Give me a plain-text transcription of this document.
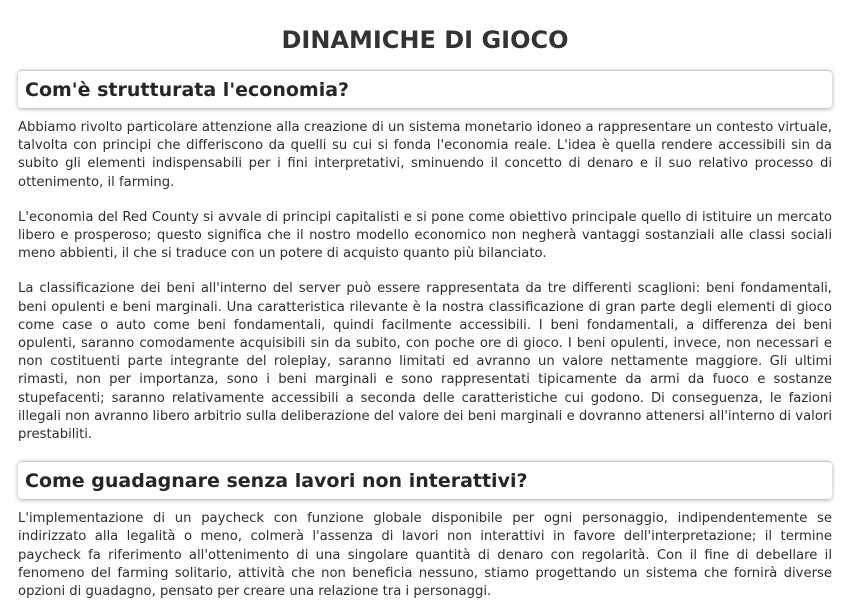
DINAMICHE DI GIOCO
Com'è strutturata l'economia?

Abbiamo rivolto particolare attenzione alla creazione di un sistema monetario idoneo a rappresentare un contesto virtuale, talvolta con principi che differiscono da quelli su cui si fonda l'economia reale. L'idea è quella rendere accessibili sin da subito gli elementi indispensabili per i fini interpretativi, sminuendo il concetto di denaro e il suo relativo processo di ottenimento, il farming.

L'economia del Red County si avvale di principi capitalisti e si pone come obiettivo principale quello di istituire un mercato libero e prosperoso; questo significa che il nostro modello economico non negherà vantaggi sostanziali alle classi sociali meno abbienti, il che si traduce con un potere di acquisto quanto più bilanciato.

La classificazione dei beni all'interno del server può essere rappresentata da tre differenti scaglioni: beni fondamentali, beni opulenti e beni marginali. Una caratteristica rilevante è la nostra classificazione di gran parte degli elementi di gioco come case o auto come beni fondamentali, quindi facilmente accessibili. I beni fondamentali, a differenza dei beni opulenti, saranno comodamente acquisibili sin da subito, con poche ore di gioco. I beni opulenti, invece, non necessari e non costituenti parte integrante del roleplay, saranno limitati ed avranno un valore nettamente maggiore. Gli ultimi rimasti, non per importanza, sono i beni marginali e sono rappresentati tipicamente da armi da fuoco e sostanze stupefacenti; saranno relativamente accessibili a seconda delle caratteristiche cui godono. Di conseguenza, le fazioni illegali non avranno libero arbitrio sulla deliberazione del valore dei beni marginali e dovranno attenersi all'interno di valori prestabiliti.

Come guadagnare senza lavori non interattivi?

L'implementazione di un paycheck con funzione globale disponibile per ogni personaggio, indipendentemente se indirizzato alla legalità o meno, colmerà l'assenza di lavori non interattivi in favore dell'interpretazione; il termine paycheck fa riferimento all'ottenimento di una singolare quantità di denaro con regolarità. Con il fine di debellare il fenomeno del farming solitario, attività che non beneficia nessuno, stiamo progettando un sistema che fornirà diverse opzioni di guadagno, pensato per creare una relazione tra i personaggi.
